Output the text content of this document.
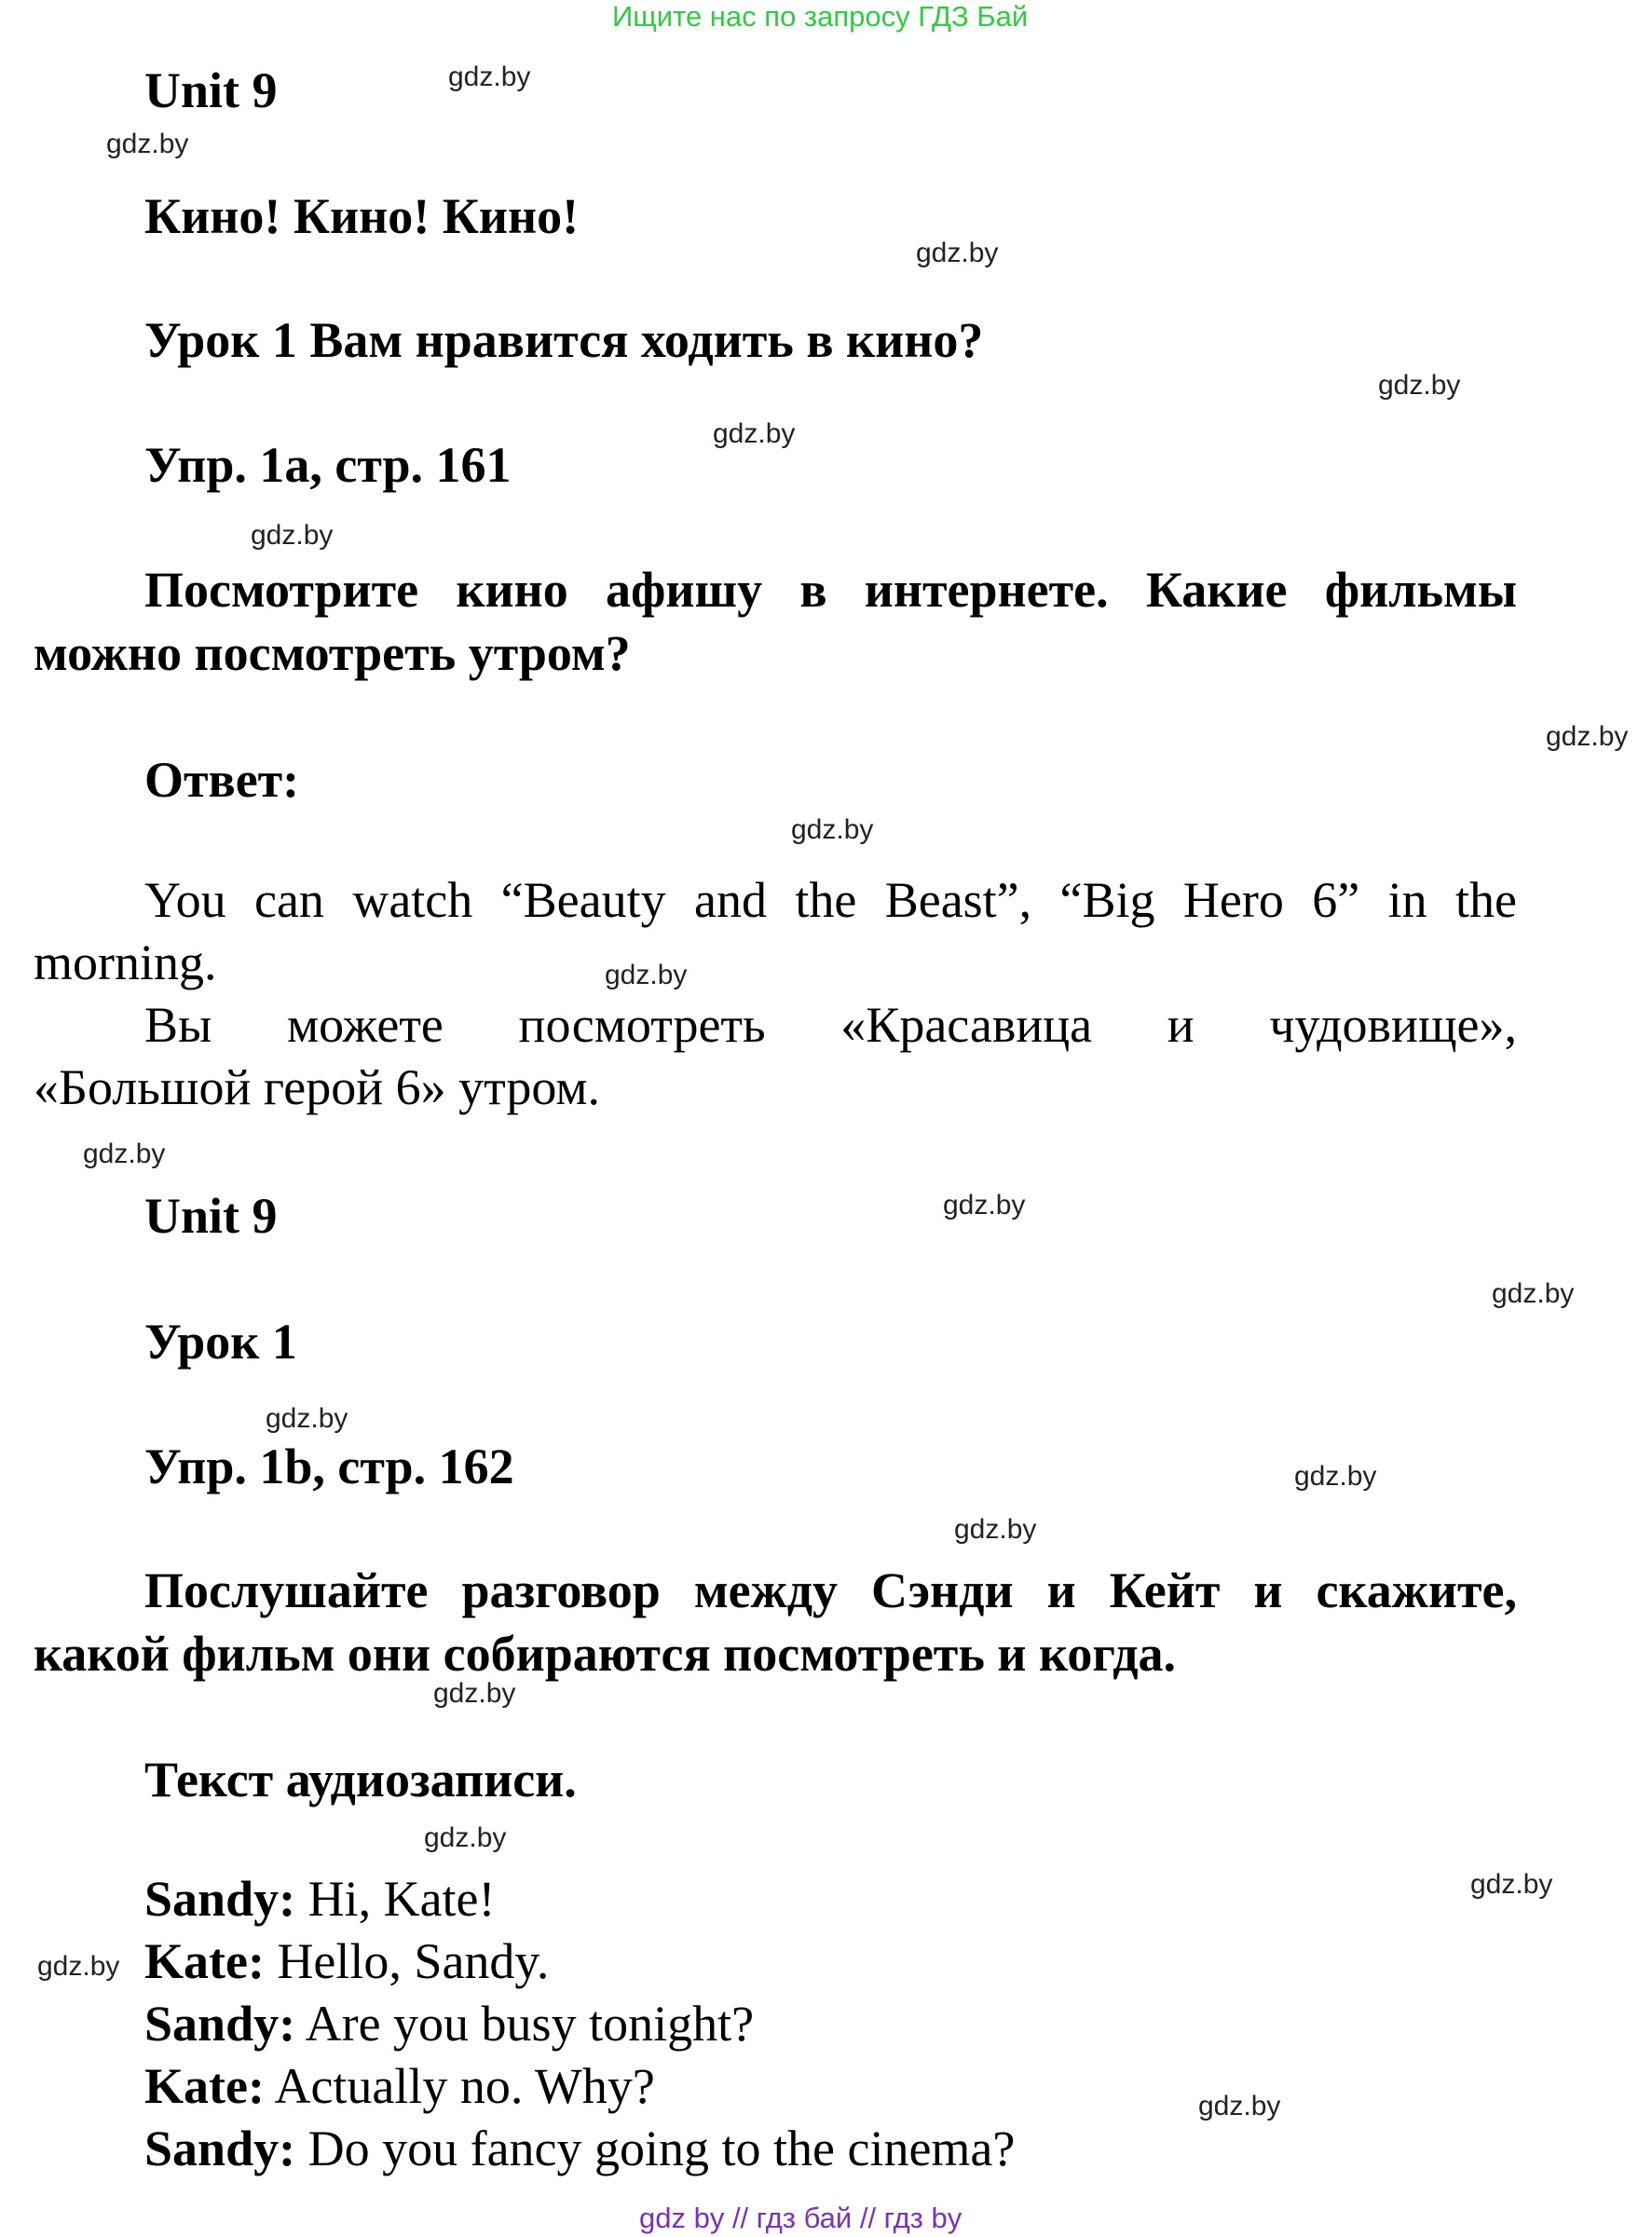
Ищите нас по запросу ГДЗ Бай
gdz.by
gdz.by
gdz.by
gdz.by
gdz.by
gdz.by
gdz.by
gdz.by
gdz.by
gdz.by
gdz.by
gdz.by
gdz.by
gdz.by
gdz.by
gdz.by
gdz.by
gdz.by
gdz.by
gdz.by
Unit 9
Кино! Кино! Кино!
Урок 1 Вам нравится ходить в кино?
Упр. 1a, стр. 161
Посмотрите кино афишу в интернете. Какие фильмы
можно посмотреть утром?
Ответ:
You can watch “Beauty and the Beast”, “Big Hero 6” in the
morning.
Вы можете посмотреть «Красавица и чудовище»,
«Большой герой 6» утром.
Unit 9
Урок 1
Упр. 1b, стр. 162
Послушайте разговор между Сэнди и Кейт и скажите,
какой фильм они собираются посмотреть и когда.
Текст аудиозаписи.
Sandy: Hi, Kate!
Kate: Hello, Sandy.
Sandy: Are you busy tonight?
Kate: Actually no. Why?
Sandy: Do you fancy going to the cinema?
gdz by // гдз бай // гдз by
